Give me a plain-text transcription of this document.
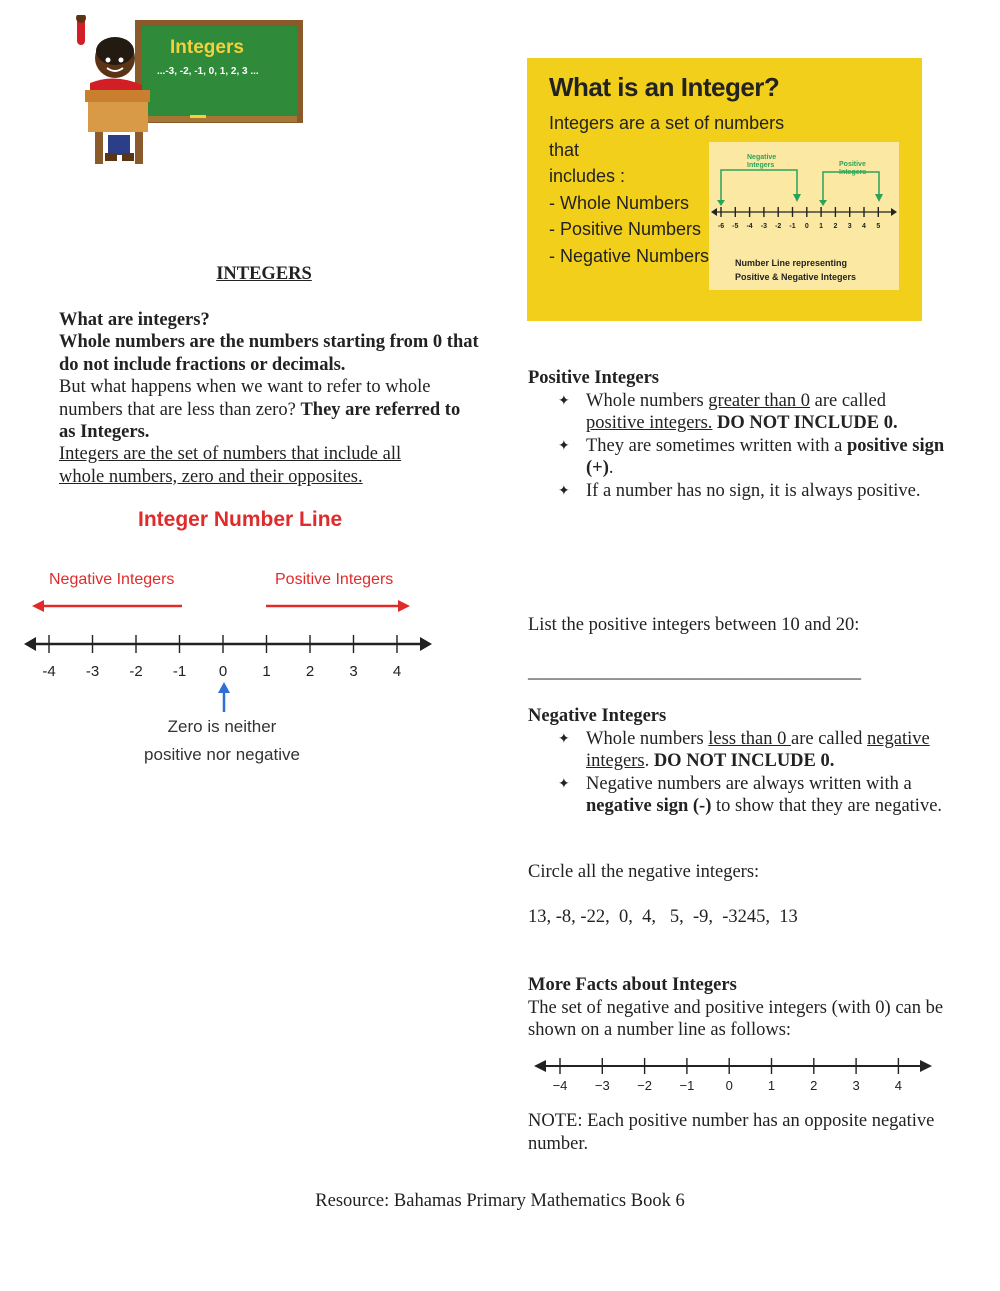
Integers
...-3, -2, -1, 0, 1, 2, 3 ...
What is an Integer?
Integers are a set of numbers that
includes :
- Whole Numbers
- Positive Numbers
- Negative Numbers
Negative
Integers	Positive
Integers
-6 -5 -4 -3 -2 -1 0 1 2 3 4 5
Number Line representing
Positive & Negative Integers
INTEGERS
What are integers?
Whole numbers are the numbers starting from 0 that do not include fractions or decimals.
But what happens when we want to refer to whole numbers that are less than zero? They are referred to as Integers.
Integers are the set of numbers that include all whole numbers, zero and their opposites.
Integer Number Line
Negative Integers	Positive Integers
-4 -3 -2 -1 0 1 2 3 4
Zero is neither
positive nor negative
Positive Integers
✦ Whole numbers greater than 0 are called positive integers. DO NOT INCLUDE 0.
✦ They are sometimes written with a positive sign (+).
✦ If a number has no sign, it is always positive.
List the positive integers between 10 and 20:
____________________________________
Negative Integers
✦ Whole numbers less than 0 are called negative integers. DO NOT INCLUDE 0.
✦ Negative numbers are always written with a negative sign (-) to show that they are negative.
Circle all the negative integers:
13, -8, -22,  0,  4,   5,  -9,  -3245,  13
More Facts about Integers
The set of negative and positive integers (with 0) can be shown on a number line as follows:
−4 −3 −2 −1 0	1	2	3	4
NOTE: Each positive number has an opposite negative number.
Resource: Bahamas Primary Mathematics Book 6
